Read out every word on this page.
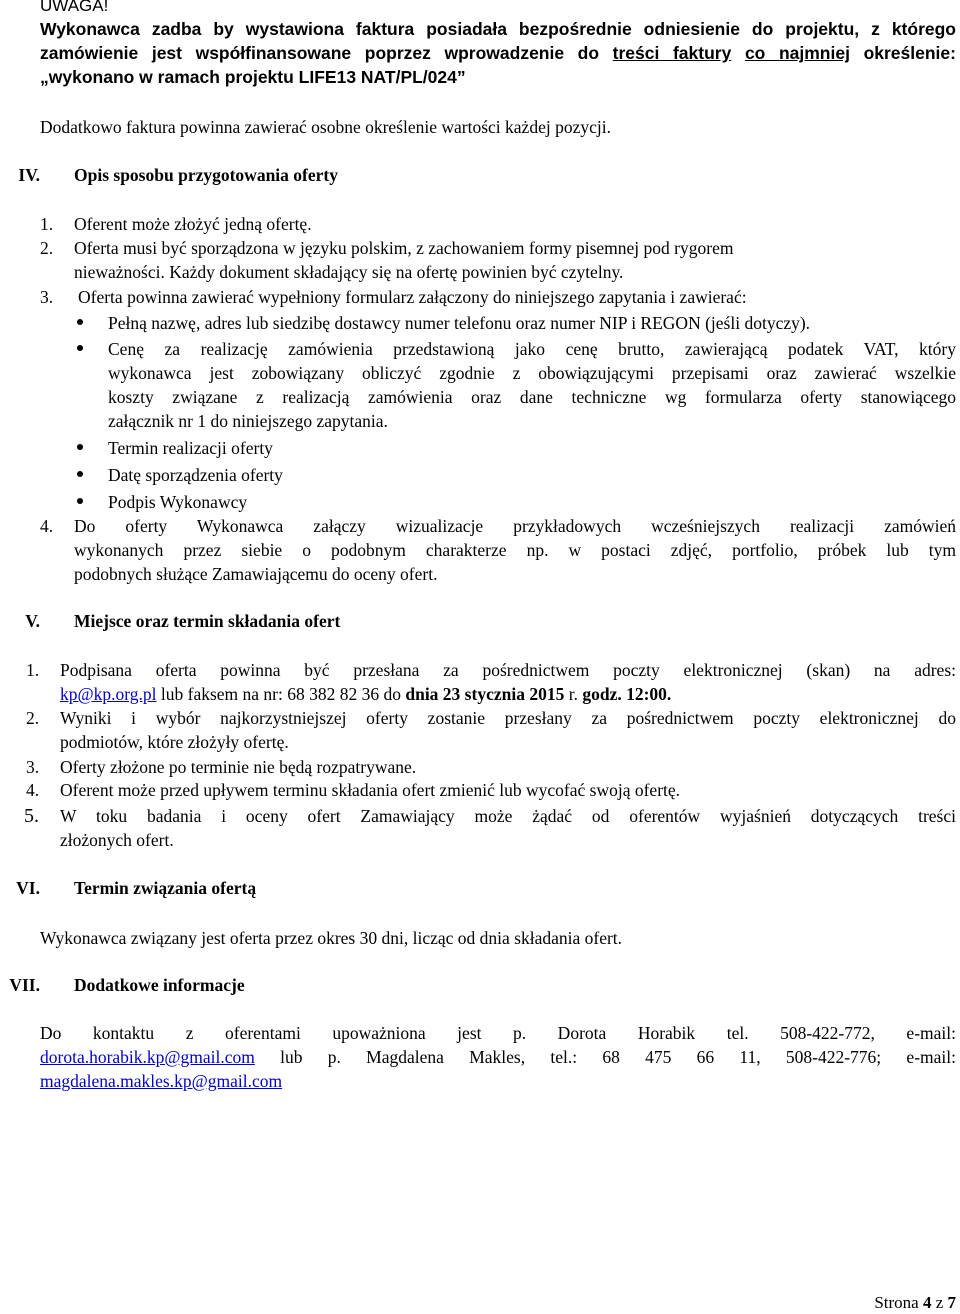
UWAGA!
Wykonawca zadba by wystawiona faktura posiadała bezpośrednie odniesienie do projektu, z którego
zamówienie jest współfinansowane poprzez wprowadzenie do treści faktury co najmniej określenie:
„wykonano w ramach projektu LIFE13 NAT/PL/024”
Dodatkowo faktura powinna zawierać osobne określenie wartości każdej pozycji.
IV. Opis sposobu przygotowania oferty
1. Oferent może złożyć jedną ofertę.
2. Oferta musi być sporządzona w języku polskim, z zachowaniem formy pisemnej pod rygorem
nieważności. Każdy dokument składający się na ofertę powinien być czytelny.
3. Oferta powinna zawierać wypełniony formularz załączony do niniejszego zapytania i zawierać:
Pełną nazwę, adres lub siedzibę dostawcy numer telefonu oraz numer NIP i REGON (jeśli dotyczy).
Cenę za realizację zamówienia przedstawioną jako cenę brutto, zawierającą podatek VAT, który
wykonawca jest zobowiązany obliczyć zgodnie z obowiązującymi przepisami oraz zawierać wszelkie
koszty związane z realizacją zamówienia oraz dane techniczne wg formularza oferty stanowiącego
załącznik nr 1 do niniejszego zapytania.
Termin realizacji oferty
Datę sporządzenia oferty
Podpis Wykonawcy
4. Do oferty Wykonawca załączy wizualizacje przykładowych wcześniejszych realizacji zamówień
wykonanych przez siebie o podobnym charakterze np. w postaci zdjęć, portfolio, próbek lub tym
podobnych służące Zamawiającemu do oceny ofert.
V. Miejsce oraz termin składania ofert
1. Podpisana oferta powinna być przesłana za pośrednictwem poczty elektronicznej (skan) na adres:
kp@kp.org.pl lub faksem na nr: 68 382 82 36 do dnia 23 stycznia 2015 r. godz. 12:00.
2. Wyniki i wybór najkorzystniejszej oferty zostanie przesłany za pośrednictwem poczty elektronicznej do
podmiotów, które złożyły ofertę.
3. Oferty złożone po terminie nie będą rozpatrywane.
4. Oferent może przed upływem terminu składania ofert zmienić lub wycofać swoją ofertę.
5. W toku badania i oceny ofert Zamawiający może żądać od oferentów wyjaśnień dotyczących treści
złożonych ofert.
VI. Termin związania ofertą
Wykonawca związany jest oferta przez okres 30 dni, licząc od dnia składania ofert.
VII. Dodatkowe informacje
Do kontaktu z oferentami upoważniona jest p. Dorota Horabik tel. 508-422-772, e-mail:
dorota.horabik.kp@gmail.com lub p. Magdalena Makles, tel.: 68 475 66 11, 508-422-776; e-mail:
magdalena.makles.kp@gmail.com
Strona 4 z 7
